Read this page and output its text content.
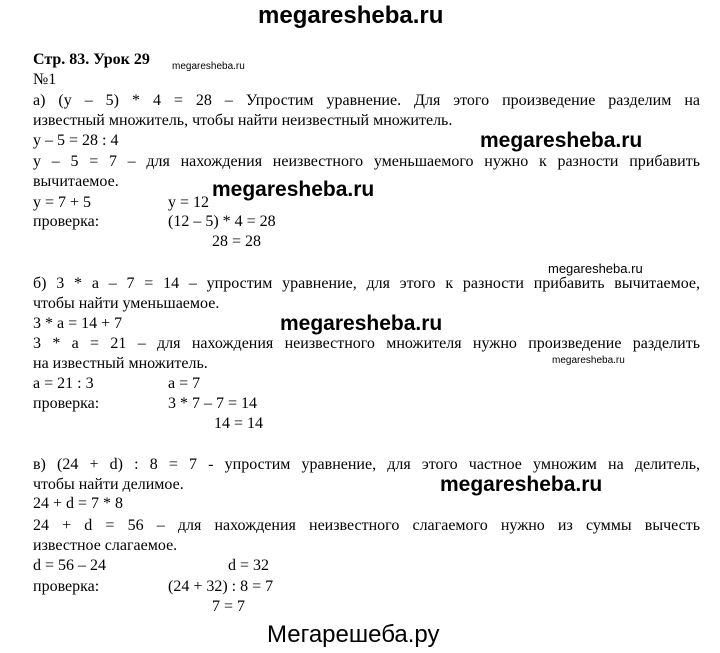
megaresheba.ru
Стр. 83. Урок 29 megaresheba.ru
№1
а) (y – 5) * 4 = 28 – Упростим уравнение. Для этого произведение разделим на
известный множитель, чтобы найти неизвестный множитель.
y – 5 = 28 : 4	megaresheba.ru
y – 5 = 7 – для нахождения неизвестного уменьшаемого нужно к разности прибавить
вычитаемое.	megaresheba.ru
y = 7 + 5	y = 12
проверка:	(12 – 5) * 4 = 28
28 = 28
megaresheba.ru
б) 3 * a – 7 = 14 – упростим уравнение, для этого к разности прибавить вычитаемое,
чтобы найти уменьшаемое.
3 * a = 14 + 7	megaresheba.ru
3 * a = 21 – для нахождения неизвестного множителя нужно произведение разделить
на известный множитель.	megaresheba.ru
a = 21 : 3	a = 7
проверка:	3 * 7 – 7 = 14
14 = 14
в) (24 + d) : 8 = 7 - упростим уравнение, для этого частное умножим на делитель,
чтобы найти делимое.	megaresheba.ru
24 + d = 7 * 8
24 + d = 56 – для нахождения неизвестного слагаемого нужно из суммы вычесть
известное слагаемое.
d = 56 – 24	d = 32
проверка:	(24 + 32) : 8 = 7
7 = 7
Мегарешеба.ру
